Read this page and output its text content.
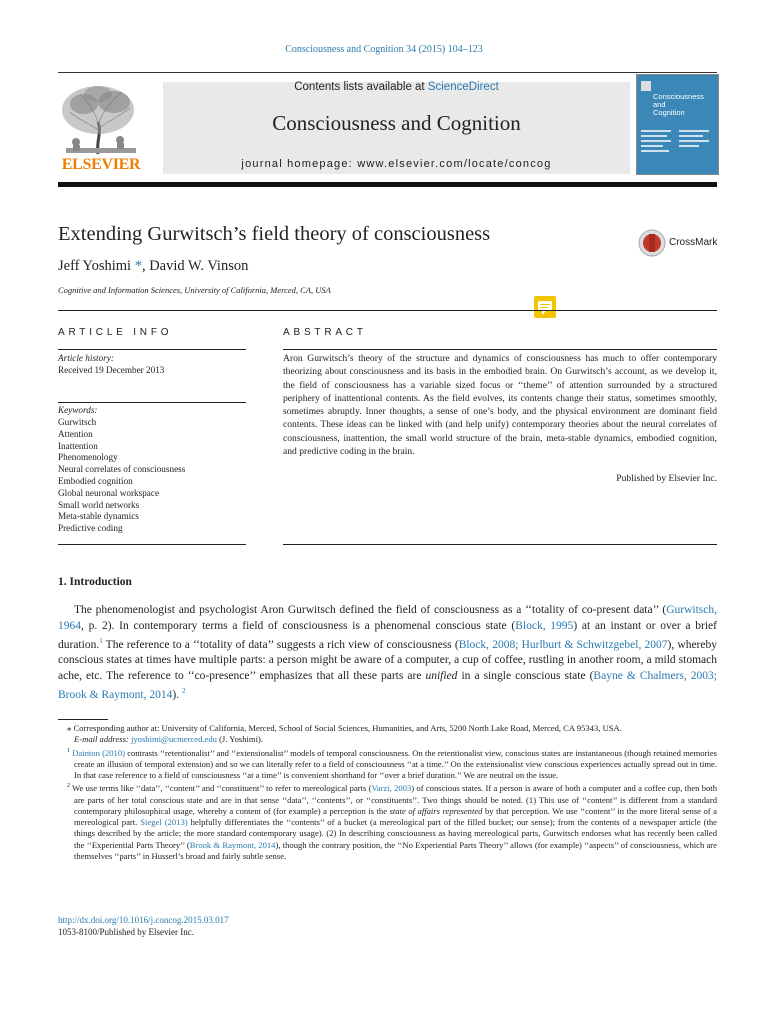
Consciousness and Cognition 34 (2015) 104–123
Contents lists available at ScienceDirect
Consciousness and Cognition
journal homepage: www.elsevier.com/locate/concog
ELSEVIER
Consciousness
and
Cognition
Extending Gurwitsch’s field theory of consciousness	CrossMark
Jeff Yoshimi *, David W. Vinson
Cognitive and Information Sciences, University of California, Merced, CA, USA
ARTICLE INFO	ABSTRACT
Article history:
Received 19 December 2013
Keywords:
Gurwitsch
Attention
Inattention
Phenomenology
Neural correlates of consciousness
Embodied cognition
Global neuronal workspace
Small world networks
Meta-stable dynamics
Predictive coding
Aron Gurwitsch’s theory of the structure and dynamics of consciousness has much to offer contemporary theorizing about consciousness and its basis in the embodied brain. On Gurwitsch’s account, as we develop it, the field of consciousness has a variable sized focus or ‘‘theme’’ of attention surrounded by a structured periphery of inattentional contents. As the field evolves, its contents change their status, sometimes smoothly, sometimes abruptly. Inner thoughts, a sense of one’s body, and the physical environment are dominant field contents. These ideas can be linked with (and help unify) contemporary theories about the neural correlates of consciousness, inattention, the small world structure of the brain, meta-stable dynamics, embodied cognition, and predictive coding in the brain.
Published by Elsevier Inc.
1. Introduction
The phenomenologist and psychologist Aron Gurwitsch defined the field of consciousness as a ‘‘totality of co-present data’’ (Gurwitsch, 1964, p. 2). In contemporary terms a field of consciousness is a phenomenal conscious state (Block, 1995) at an instant or over a brief duration.$^1$ The reference to a ‘‘totality of data’’ suggests a rich view of consciousness (Block, 2008; Hurlburt & Schwitzgebel, 2007), whereby conscious states at times have multiple parts: a person might be aware of a computer, a cup of coffee, rustling in another room, a mild stomach ache, etc. The reference to ‘‘co-presence’’ emphasizes that all these parts are unified in a single conscious state (Bayne & Chalmers, 2003; Brook & Raymont, 2014). $^2$

⁎ Corresponding author at: University of California, Merced, School of Social Sciences, Humanities, and Arts, 5200 North Lake Road, Merced, CA 95343, USA.

E-mail address: jyoshimi@ucmerced.edu (J. Yoshimi).

$^1$ Dainton (2010) contrasts ‘‘retentionalist’’ and ‘‘extensionalist’’ models of temporal consciousness. On the retentionalist view, conscious states are instantaneous (though retained memories create an illusion of temporal extension) and so we can literally refer to a field of consciousness ‘‘at a time.’’ On the extensionalist view conscious experiences actually spread out in time. In that case reference to a field of consciousness ‘‘at a time’’ is convenient shorthand for ‘‘over a brief duration.’’ We are neutral on the issue.

$^2$ We use terms like ‘‘data’’, ‘‘content’’ and ‘‘constituent’’ to refer to mereological parts (Varzi, 2003) of conscious states. If a person is aware of both a computer and a coffee cup, then both are parts of her total conscious state and are in that sense ‘‘data’’, ‘‘contents’’, or ‘‘constituents’’. Two things should be noted. (1) This use of ‘‘content’’ is different from a standard contemporary philosophical usage, whereby a content of (for example) a perception is the state of affairs represented by that perception. We use ‘‘content’’ in the more literal sense of a mereological part. Siegel (2013) helpfully differentiates the ‘‘contents’’ of a bucket (a mereological part of the filled bucket; our sense); from the contents of a newspaper article (the things described by the article; the more standard contemporary usage). (2) In describing consciousness as having mereological parts, Gurwitsch endorses what has recently been called the ‘‘Experiential Parts Theory’’ (Brook & Raymont, 2014), though the contrary position, the ‘‘No Experiential Parts Theory’’ allows (for example) ‘‘aspects’’ of consciousness, which are themselves ‘‘parts’’ in Husserl’s broad and fairly subtle sense.

http://dx.doi.org/10.1016/j.concog.2015.03.017
1053-8100/Published by Elsevier Inc.
